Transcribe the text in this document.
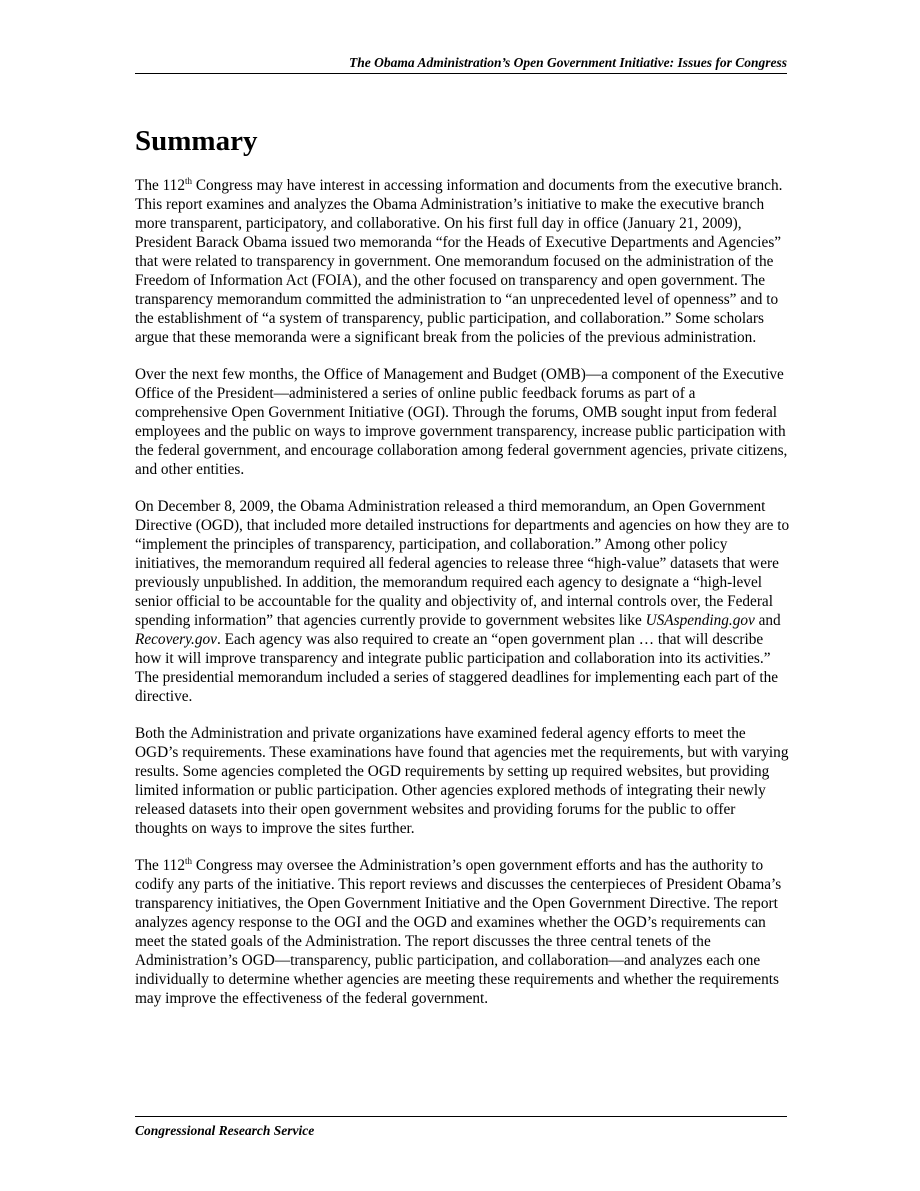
The Obama Administration’s Open Government Initiative: Issues for Congress
Summary

The 112th Congress may have interest in accessing information and documents from the executive branch. This report examines and analyzes the Obama Administration’s initiative to make the executive branch more transparent, participatory, and collaborative. On his first full day in office (January 21, 2009), President Barack Obama issued two memoranda “for the Heads of Executive Departments and Agencies” that were related to transparency in government. One memorandum focused on the administration of the Freedom of Information Act (FOIA), and the other focused on transparency and open government. The transparency memorandum committed the administration to “an unprecedented level of openness” and to the establishment of “a system of transparency, public participation, and collaboration.” Some scholars argue that these memoranda were a significant break from the policies of the previous administration.

Over the next few months, the Office of Management and Budget (OMB)—a component of the Executive Office of the President—administered a series of online public feedback forums as part of a comprehensive Open Government Initiative (OGI). Through the forums, OMB sought input from federal employees and the public on ways to improve government transparency, increase public participation with the federal government, and encourage collaboration among federal government agencies, private citizens, and other entities.

On December 8, 2009, the Obama Administration released a third memorandum, an Open Government Directive (OGD), that included more detailed instructions for departments and agencies on how they are to “implement the principles of transparency, participation, and collaboration.” Among other policy initiatives, the memorandum required all federal agencies to release three “high-value” datasets that were previously unpublished. In addition, the memorandum required each agency to designate a “high-level senior official to be accountable for the quality and objectivity of, and internal controls over, the Federal spending information” that agencies currently provide to government websites like USAspending.gov and Recovery.gov. Each agency was also required to create an “open government plan … that will describe how it will improve transparency and integrate public participation and collaboration into its activities.” The presidential memorandum included a series of staggered deadlines for implementing each part of the directive.

Both the Administration and private organizations have examined federal agency efforts to meet the OGD’s requirements. These examinations have found that agencies met the requirements, but with varying results. Some agencies completed the OGD requirements by setting up required websites, but providing limited information or public participation. Other agencies explored methods of integrating their newly released datasets into their open government websites and providing forums for the public to offer thoughts on ways to improve the sites further.

The 112th Congress may oversee the Administration’s open government efforts and has the authority to codify any parts of the initiative. This report reviews and discusses the centerpieces of President Obama’s transparency initiatives, the Open Government Initiative and the Open Government Directive. The report analyzes agency response to the OGI and the OGD and examines whether the OGD’s requirements can meet the stated goals of the Administration. The report discusses the three central tenets of the Administration’s OGD—transparency, public participation, and collaboration—and analyzes each one individually to determine whether agencies are meeting these requirements and whether the requirements may improve the effectiveness of the federal government.

Congressional Research Service
